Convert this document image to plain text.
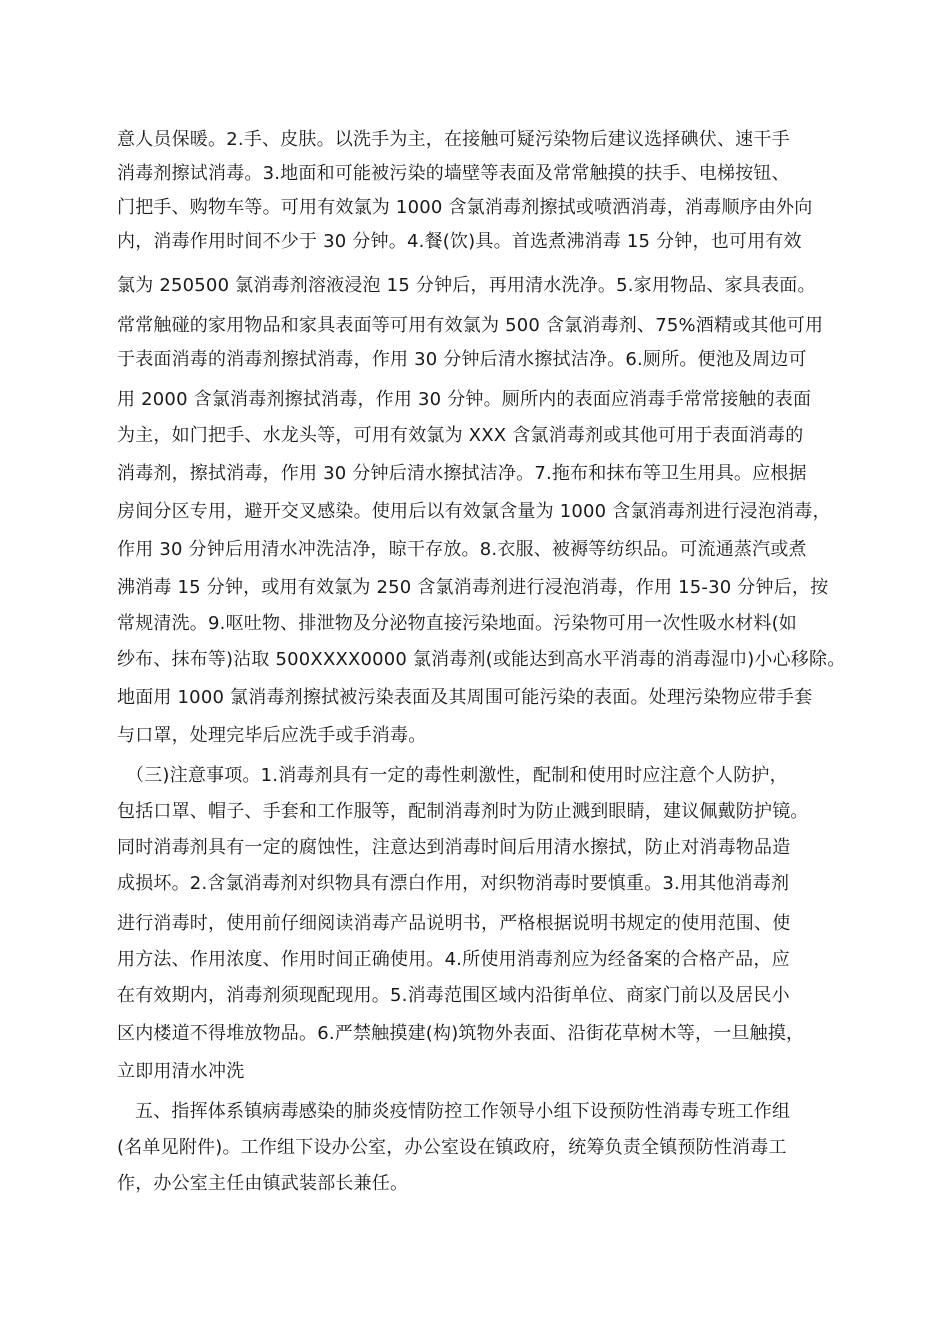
意人员保暖。2.手、皮肤。以洗手为主，在接触可疑污染物后建议选择碘伏、速干手
消毒剂擦试消毒。3.地面和可能被污染的墙壁等表面及常常触摸的扶手、电梯按钮、
门把手、购物车等。可用有效氯为 1000 含氯消毒剂擦拭或喷洒消毒，消毒顺序由外向
内，消毒作用时间不少于 30 分钟。4.餐(饮)具。首选煮沸消毒 15 分钟，也可用有效
氯为 250500 氯消毒剂溶液浸泡 15 分钟后，再用清水洗净。5.家用物品、家具表面。
常常触碰的家用物品和家具表面等可用有效氯为 500 含氯消毒剂、75%酒精或其他可用
于表面消毒的消毒剂擦拭消毒，作用 30 分钟后清水擦拭洁净。6.厕所。便池及周边可
用 2000 含氯消毒剂擦拭消毒，作用 30 分钟。厕所内的表面应消毒手常常接触的表面
为主，如门把手、水龙头等，可用有效氯为 XXX 含氯消毒剂或其他可用于表面消毒的
消毒剂，擦拭消毒，作用 30 分钟后清水擦拭洁净。7.拖布和抹布等卫生用具。应根据
房间分区专用，避开交叉感染。使用后以有效氯含量为 1000 含氯消毒剂进行浸泡消毒，
作用 30 分钟后用清水冲洗洁净，晾干存放。8.衣服、被褥等纺织品。可流通蒸汽或煮
沸消毒 15 分钟，或用有效氯为 250 含氯消毒剂进行浸泡消毒，作用 15-30 分钟后，按
常规清洗。9.呕吐物、排泄物及分泌物直接污染地面。污染物可用一次性吸水材料(如
纱布、抹布等)沾取 500XXXX0000 氯消毒剂(或能达到高水平消毒的消毒湿巾)小心移除。
地面用 1000 氯消毒剂擦拭被污染表面及其周围可能污染的表面。处理污染物应带手套
与口罩，处理完毕后应洗手或手消毒。
（三)注意事项。1.消毒剂具有一定的毒性刺激性，配制和使用时应注意个人防护，
包括口罩、帽子、手套和工作服等，配制消毒剂时为防止溅到眼睛，建议佩戴防护镜。
同时消毒剂具有一定的腐蚀性，注意达到消毒时间后用清水擦拭，防止对消毒物品造
成损坏。2.含氯消毒剂对织物具有漂白作用，对织物消毒时要慎重。3.用其他消毒剂
进行消毒时，使用前仔细阅读消毒产品说明书，严格根据说明书规定的使用范围、使
用方法、作用浓度、作用时间正确使用。4.所使用消毒剂应为经备案的合格产品，应
在有效期内，消毒剂须现配现用。5.消毒范围区域内沿街单位、商家门前以及居民小
区内楼道不得堆放物品。6.严禁触摸建(构)筑物外表面、沿街花草树木等，一旦触摸，
立即用清水冲洗
五、指挥体系镇病毒感染的肺炎疫情防控工作领导小组下设预防性消毒专班工作组
(名单见附件)。工作组下设办公室，办公室设在镇政府，统筹负责全镇预防性消毒工
作，办公室主任由镇武装部长兼任。
